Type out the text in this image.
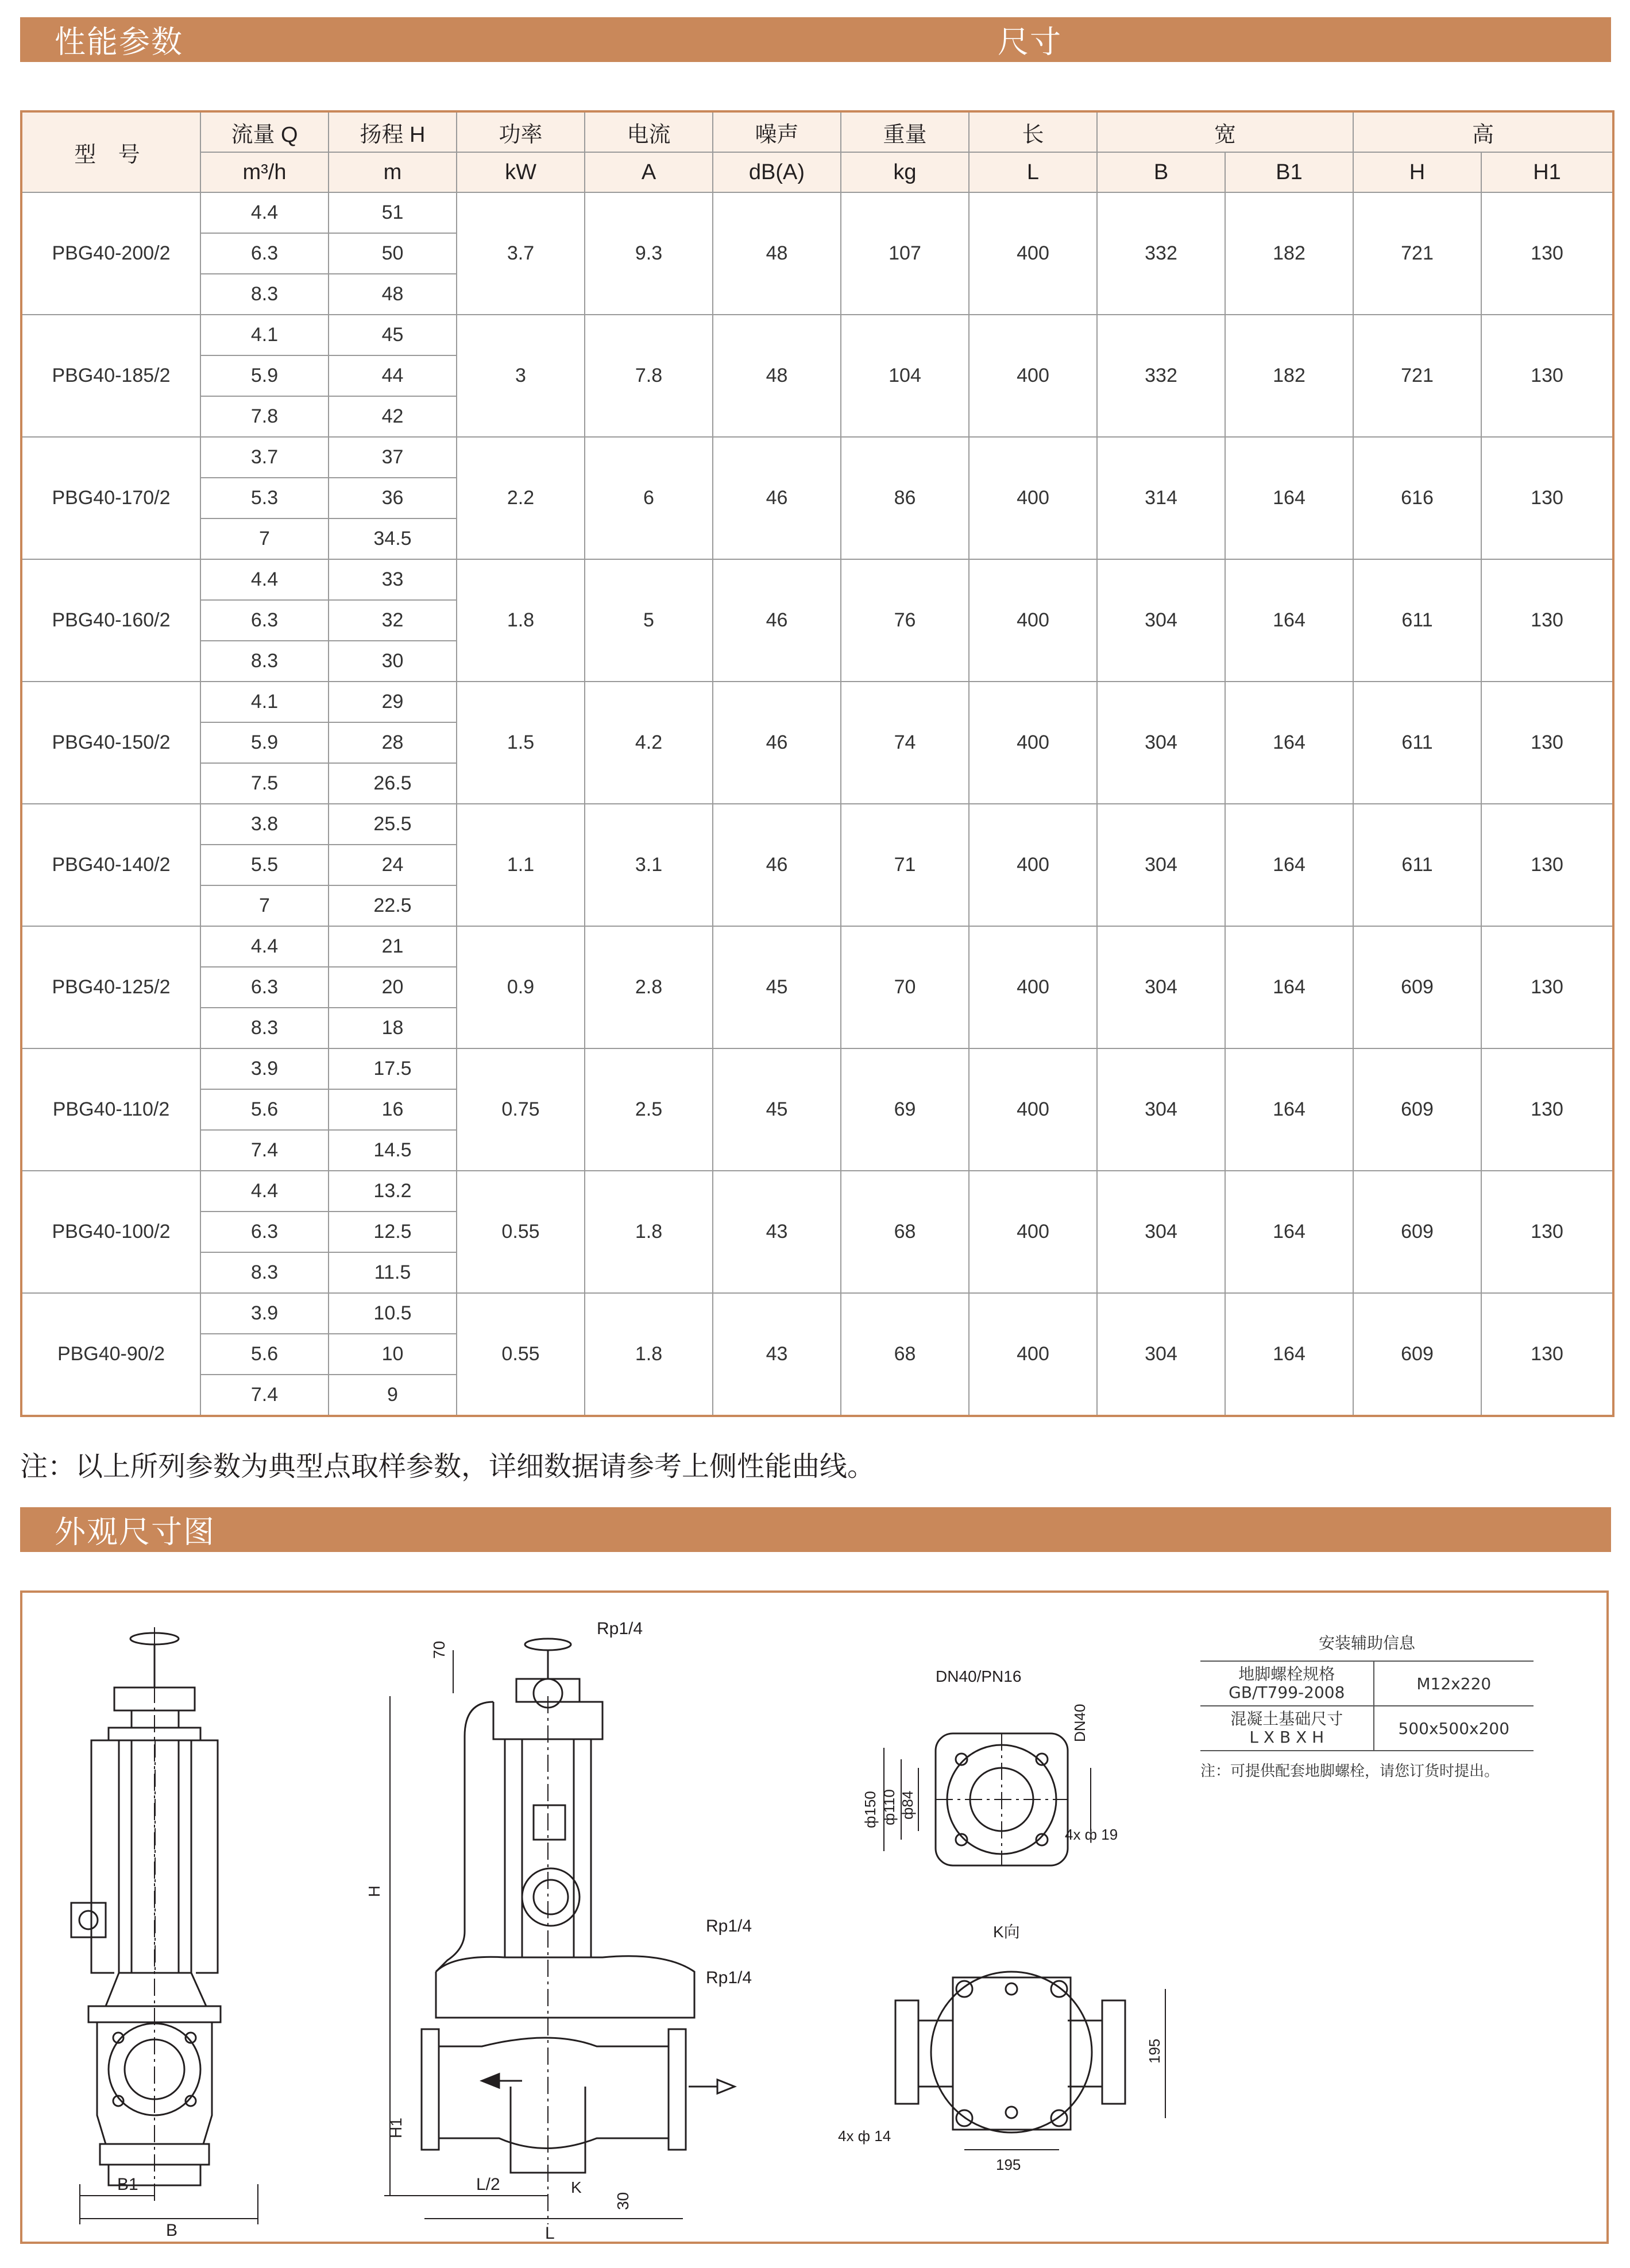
性能参数	尺寸
型 号	流量 Q	扬程 H	功率	电流	噪声	重量	长	宽		高	
	m³/h	m	kW	A	dB(A)	kg	L	B	B1	H	H1
PBG40-200/2	4.4	51	3.7	9.3	48	107	400	332	182	721	130
	6.3	50									
	8.3	48									
PBG40-185/2	4.1	45	3	7.8	48	104	400	332	182	721	130
	5.9	44									
	7.8	42									
PBG40-170/2	3.7	37	2.2	6	46	86	400	314	164	616	130
	5.3	36									
	7	34.5									
PBG40-160/2	4.4	33	1.8	5	46	76	400	304	164	611	130
	6.3	32									
	8.3	30									
PBG40-150/2	4.1	29	1.5	4.2	46	74	400	304	164	611	130
	5.9	28									
	7.5	26.5									
PBG40-140/2	3.8	25.5	1.1	3.1	46	71	400	304	164	611	130
	5.5	24									
	7	22.5									
PBG40-125/2	4.4	21	0.9	2.8	45	70	400	304	164	609	130
	6.3	20									
	8.3	18									
PBG40-110/2	3.9	17.5	0.75	2.5	45	69	400	304	164	609	130
	5.6	16									
	7.4	14.5									
PBG40-100/2	4.4	13.2	0.55	1.8	43	68	400	304	164	609	130
	6.3	12.5									
	8.3	11.5									
PBG40-90/2	3.9	10.5	0.55	1.8	43	68	400	304	164	609	130
	5.6	10									
	7.4	9									
注：以上所列参数为典型点取样参数，详细数据请参考上侧性能曲线。
外观尺寸图
Rp1/4
70
H
Rp1/4
Rp1/4
H1
L/2	K
30
L
B1
B
DN40/PN16
ф150 ф110 ф84
DN40
4x ф 19
K向
195
195
4x ф 14
安装辅助信息
地脚螺栓规格
GB/T799-2008	M12x220

混凝土基础尺寸
L X B X H	500x500x200
注：可提供配套地脚螺栓，请您订货时提出。
